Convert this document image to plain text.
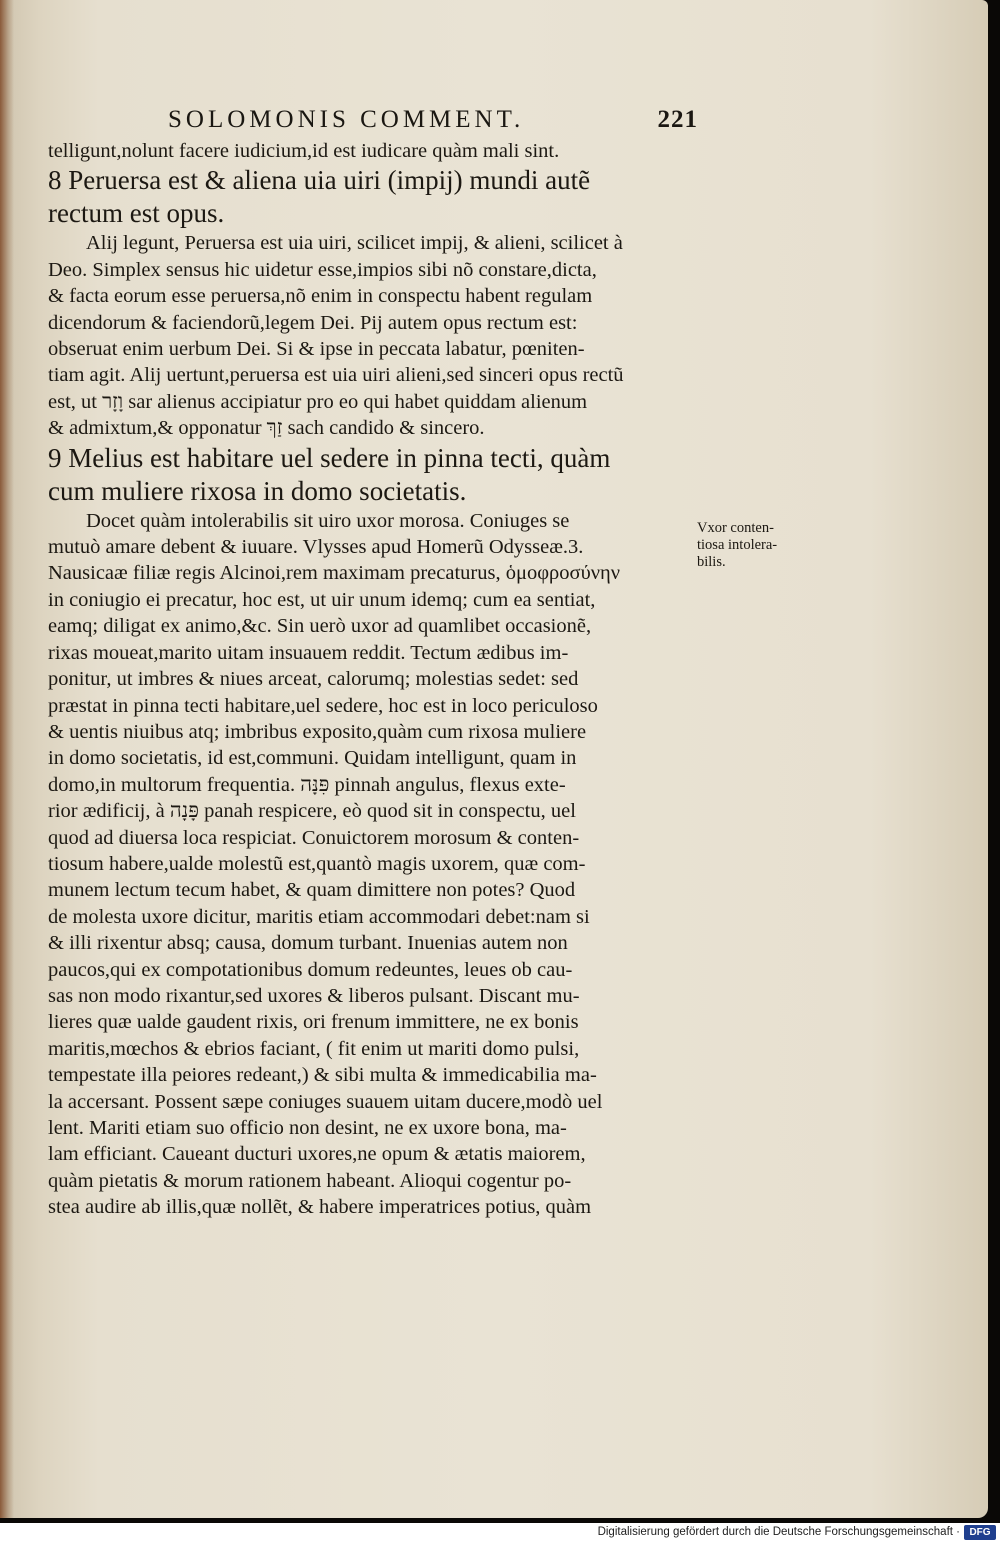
SOLOMONIS COMMENT.	221
telligunt,nolunt facere iudicium,id est iudicare quàm mali sint.
8 Peruersa est & aliena uia uiri (impij) mundi autẽ
rectum est opus.
Alij legunt, Peruersa est uia uiri, scilicet impij, & alieni, scilicet à
Deo. Simplex sensus hic uidetur esse,impios sibi nõ constare,dicta,
& facta eorum esse peruersa,nõ enim in conspectu habent regulam
dicendorum & faciendorũ,legem Dei. Pij autem opus rectum est:
obseruat enim uerbum Dei. Si & ipse in peccata labatur, pœniten-
tiam agit. Alij uertunt,peruersa est uia uiri alieni,sed sinceri opus rectũ
est, ut וָזָר sar alienus accipiatur pro eo qui habet quiddam alienum
& admixtum,& opponatur זַךְ sach candido & sincero.
9 Melius est habitare uel sedere in pinna tecti, quàm
cum muliere rixosa in domo societatis.
Docet quàm intolerabilis sit uiro uxor morosa. Coniuges se
mutuò amare debent & iuuare. Vlysses apud Homerũ Odysseæ.3.
Nausicaæ filiæ regis Alcinoi,rem maximam precaturus, ὁμοφροσύνην
in coniugio ei precatur, hoc est, ut uir unum idemq; cum ea sentiat,
eamq; diligat ex animo,&c. Sin uerò uxor ad quamlibet occasionẽ,
rixas moueat,marito uitam insuauem reddit. Tectum ædibus im-
ponitur, ut imbres & niues arceat, calorumq; molestias sedet: sed
præstat in pinna tecti habitare,uel sedere, hoc est in loco periculoso
& uentis niuibus atq; imbribus exposito,quàm cum rixosa muliere
in domo societatis, id est,communi. Quidam intelligunt, quam in
domo,in multorum frequentia. פִּנָּה pinnah angulus, flexus exte-
rior ædificij, à פָּנָה panah respicere, eò quod sit in conspectu, uel
quod ad diuersa loca respiciat. Conuictorem morosum & conten-
tiosum habere,ualde molestũ est,quantò magis uxorem, quæ com-
munem lectum tecum habet, & quam dimittere non potes? Quod
de molesta uxore dicitur, maritis etiam accommodari debet:nam si
& illi rixentur absq; causa, domum turbant. Inuenias autem non
paucos,qui ex compotationibus domum redeuntes, leues ob cau-
sas non modo rixantur,sed uxores & liberos pulsant. Discant mu-
lieres quæ ualde gaudent rixis, ori frenum immittere, ne ex bonis
maritis,mœchos & ebrios faciant, ( fit enim ut mariti domo pulsi,
tempestate illa peiores redeant,) & sibi multa & immedicabilia ma-
la accersant. Possent sæpe coniuges suauem uitam ducere,modò uel
lent. Mariti etiam suo officio non desint, ne ex uxore bona, ma-
lam efficiant. Caueant ducturi uxores,ne opum & ætatis maiorem,
quàm pietatis & morum rationem habeant. Alioqui cogentur po-
stea audire ab illis,quæ nollẽt, & habere imperatrices potius, quàm
Vxor conten-
tiosa intolera-
bilis.
Digitalisierung gefördert durch die Deutsche Forschungsgemeinschaft · DFG
